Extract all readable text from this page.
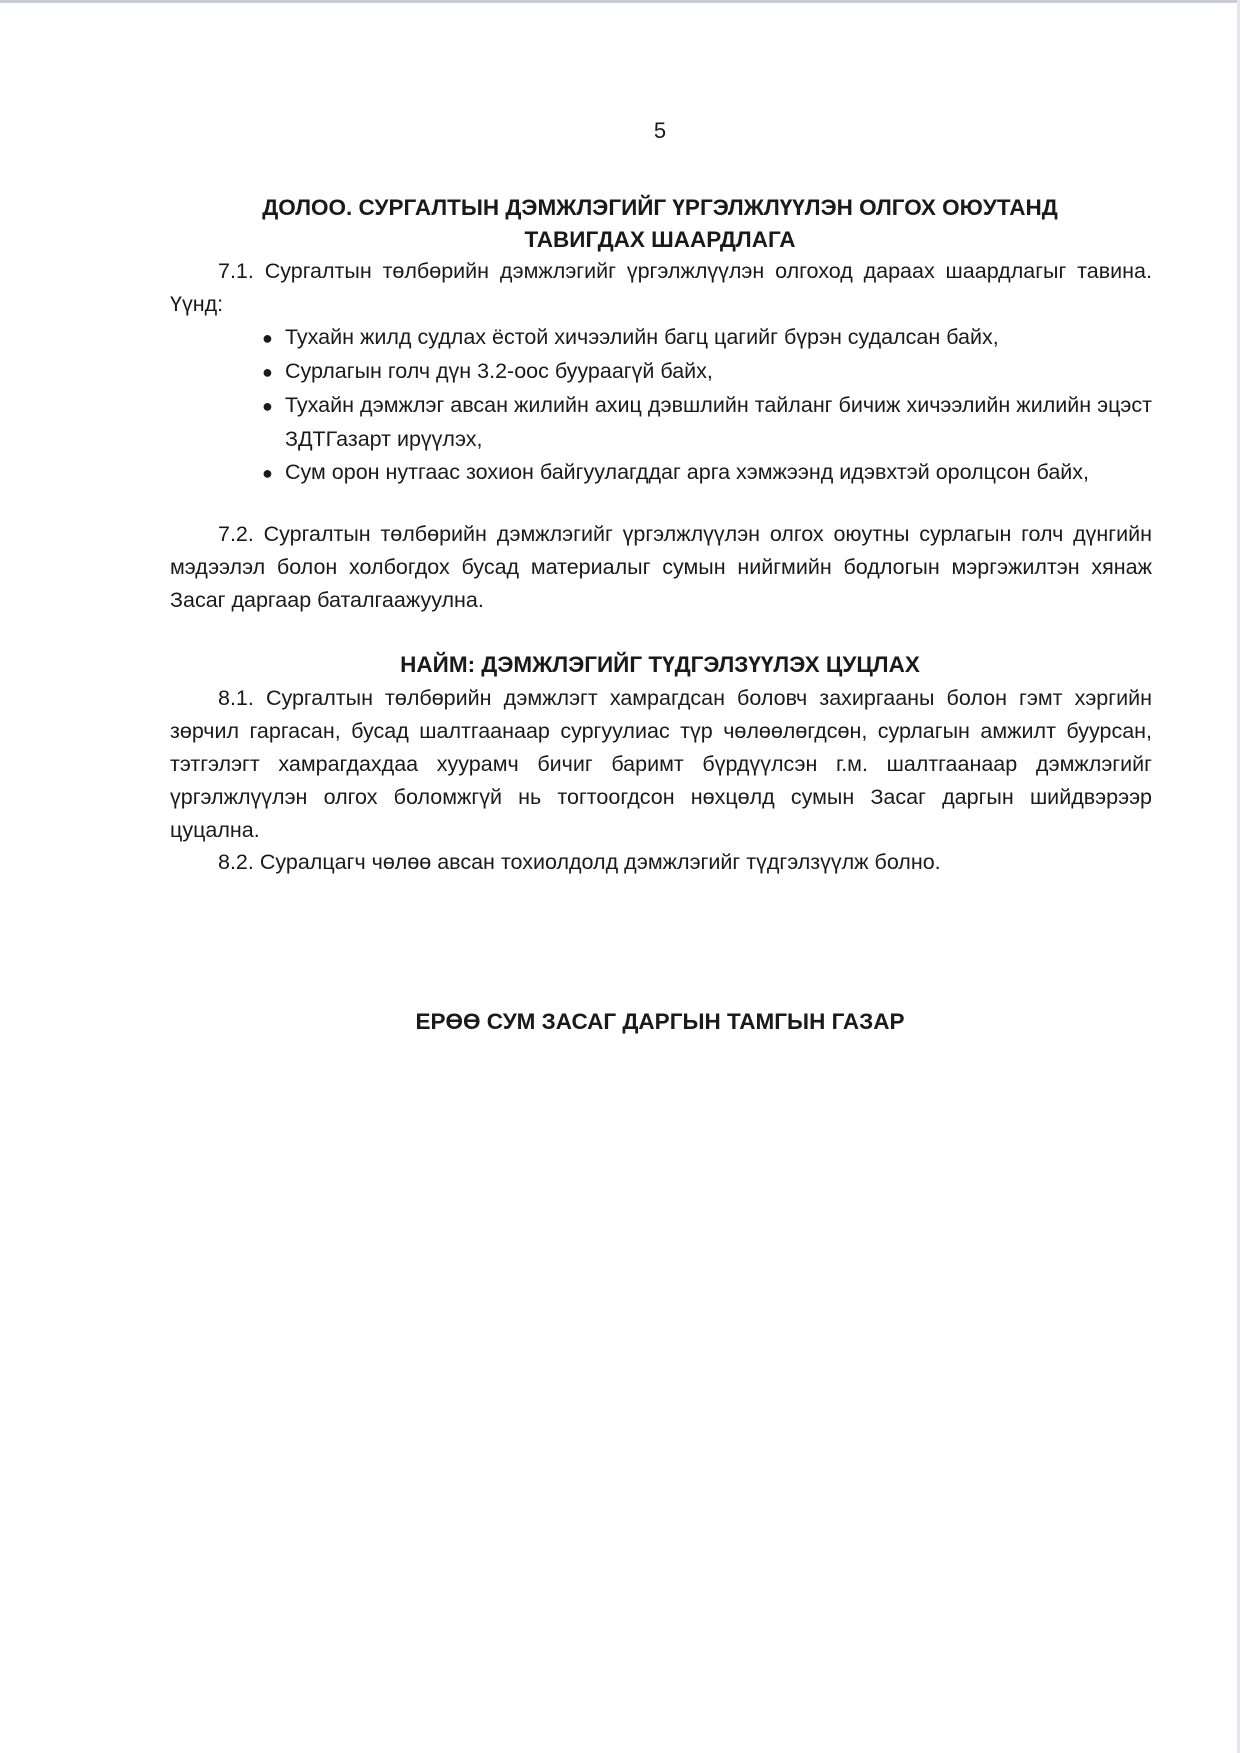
5
ДОЛОО. СУРГАЛТЫН ДЭМЖЛЭГИЙГ ҮРГЭЛЖЛҮҮЛЭН ОЛГОХ ОЮУТАНД
ТАВИГДАХ ШААРДЛАГА
7.1. Сургалтын төлбөрийн дэмжлэгийг үргэлжлүүлэн олгоход дараах шаардлагыг тавина. Үүнд:
● Тухайн жилд судлах ёстой хичээлийн багц цагийг бүрэн судалсан байх,
● Сурлагын голч дүн 3.2-оос буураагүй байх,
● Тухайн дэмжлэг авсан жилийн ахиц дэвшлийн тайланг бичиж хичээлийн жилийн эцэст ЗДТГазарт ирүүлэх,
● Сум орон нутгаас зохион байгуулагддаг арга хэмжээнд идэвхтэй оролцсон байх,
7.2. Сургалтын төлбөрийн дэмжлэгийг үргэлжлүүлэн олгох оюутны сурлагын голч дүнгийн мэдээлэл болон холбогдох бусад материалыг сумын нийгмийн бодлогын мэргэжилтэн хянаж Засаг даргаар баталгаажуулна.
НАЙМ: ДЭМЖЛЭГИЙГ ТҮДГЭЛЗҮҮЛЭХ ЦУЦЛАХ
8.1. Сургалтын төлбөрийн дэмжлэгт хамрагдсан боловч захиргааны болон гэмт хэргийн зөрчил гаргасан, бусад шалтгаанаар сургуулиас түр чөлөөлөгдсөн, сурлагын амжилт буурсан, тэтгэлэгт хамрагдахдаа хуурамч бичиг баримт бүрдүүлсэн г.м. шалтгаанаар дэмжлэгийг үргэлжлүүлэн олгох боломжгүй нь тогтоогдсон нөхцөлд сумын Засаг даргын шийдвэрээр цуцална.
8.2. Суралцагч чөлөө авсан тохиолдолд дэмжлэгийг түдгэлзүүлж болно.
ЕРӨӨ СУМ ЗАСАГ ДАРГЫН ТАМГЫН ГАЗАР
